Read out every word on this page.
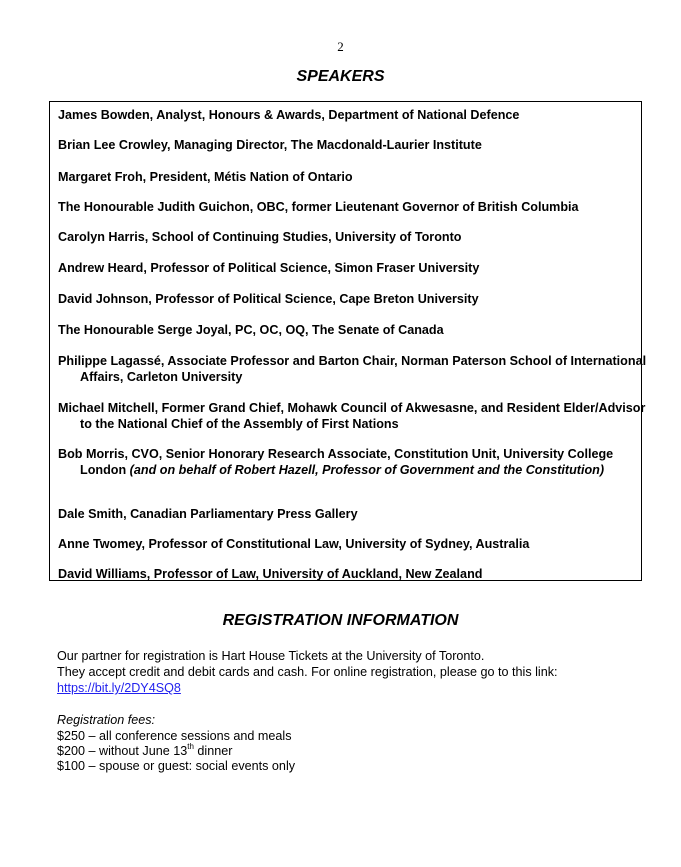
2
SPEAKERS
James Bowden, Analyst, Honours & Awards, Department of National Defence
Brian Lee Crowley, Managing Director, The Macdonald-Laurier Institute
Margaret Froh, President, Métis Nation of Ontario
The Honourable Judith Guichon, OBC, former Lieutenant Governor of British Columbia
Carolyn Harris, School of Continuing Studies, University of Toronto
Andrew Heard, Professor of Political Science, Simon Fraser University
David Johnson, Professor of Political Science, Cape Breton University
The Honourable Serge Joyal, PC, OC, OQ, The Senate of Canada
Philippe Lagassé, Associate Professor and Barton Chair, Norman Paterson School of International Affairs, Carleton University
Michael Mitchell, Former Grand Chief, Mohawk Council of Akwesasne, and Resident Elder/Advisor to the National Chief of the Assembly of First Nations
Bob Morris, CVO, Senior Honorary Research Associate, Constitution Unit, University College London (and on behalf of Robert Hazell, Professor of Government and the Constitution)
Dale Smith, Canadian Parliamentary Press Gallery
Anne Twomey, Professor of Constitutional Law, University of Sydney, Australia
David Williams, Professor of Law, University of Auckland, New Zealand
REGISTRATION INFORMATION
Our partner for registration is Hart House Tickets at the University of Toronto.
They accept credit and debit cards and cash. For online registration, please go to this link:
https://bit.ly/2DY4SQ8
Registration fees:
$250 – all conference sessions and meals
$200 – without June 13th dinner
$100 – spouse or guest: social events only
